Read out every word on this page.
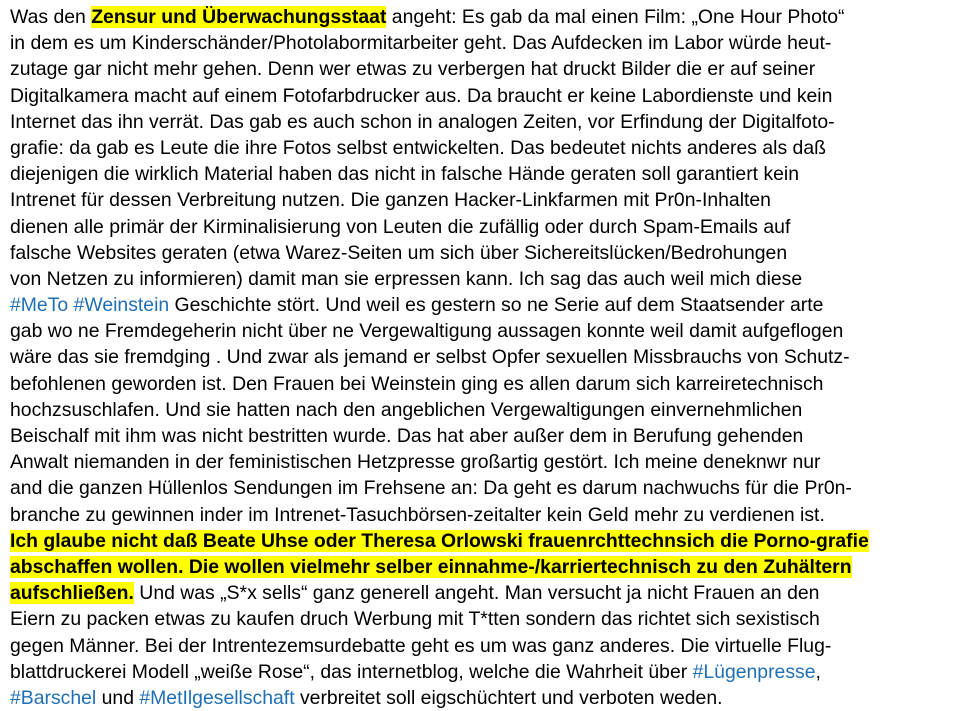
Was den Zensur und Überwachungsstaat angeht: Es gab da mal einen Film: „One Hour Photo“
in dem es um Kinderschänder/Photolabormitarbeiter geht. Das Aufdecken im Labor würde heut-
zutage gar nicht mehr gehen. Denn wer etwas zu verbergen hat druckt Bilder die er auf seiner
Digitalkamera macht auf einem Fotofarbdrucker aus. Da braucht er keine Labordienste und kein
Internet das ihn verrät. Das gab es auch schon in analogen Zeiten, vor Erfindung der Digitalfoto-
grafie: da gab es Leute die ihre Fotos selbst entwickelten. Das bedeutet nichts anderes als daß
diejenigen die wirklich Material haben das nicht in falsche Hände geraten soll garantiert kein
Intrenet für dessen Verbreitung nutzen. Die ganzen Hacker-Linkfarmen mit Pr0n-Inhalten
dienen alle primär der Kirminalisierung von Leuten die zufällig oder durch Spam-Emails auf
falsche Websites geraten (etwa Warez-Seiten um sich über Sichereitslücken/Bedrohungen
von Netzen zu informieren) damit man sie erpressen kann. Ich sag das auch weil mich diese
#MeTo #Weinstein Geschichte stört. Und weil es gestern so ne Serie auf dem Staatsender arte
gab wo ne Fremdegeherin nicht über ne Vergewaltigung aussagen konnte weil damit aufgeflogen
wäre das sie fremdging . Und zwar als jemand er selbst Opfer sexuellen Missbrauchs von Schutz-
befohlenen geworden ist. Den Frauen bei Weinstein ging es allen darum sich karreiretechnisch
hochzsuschlafen. Und sie hatten nach den angeblichen Vergewaltigungen einvernehmlichen
Beischalf mit ihm was nicht bestritten wurde. Das hat aber außer dem in Berufung gehenden
Anwalt niemanden in der feministischen Hetzpresse großartig gestört. Ich meine deneknwr nur
and die ganzen Hüllenlos Sendungen im Frehsene an: Da geht es darum nachwuchs für die Pr0n-
branche zu gewinnen inder im Intrenet-Tasuchbörsen-zeitalter kein Geld mehr zu verdienen ist.
Ich glaube nicht daß Beate Uhse oder Theresa Orlowski frauenrchttechnsich die Porno-grafie
abschaffen wollen. Die wollen vielmehr selber einnahme-/karriertechnisch zu den Zuhältern
aufschließen. Und was „S*x sells“ ganz generell angeht. Man versucht ja nicht Frauen an den
Eiern zu packen etwas zu kaufen druch Werbung mit T*tten sondern das richtet sich sexistisch
gegen Männer. Bei der Intrentezemsurdebatte geht es um was ganz anderes. Die virtuelle Flug-
blattdruckerei Modell „weiße Rose“, das internetblog, welche die Wahrheit über #Lügenpresse,
#Barschel und #MetIlgesellschaft verbreitet soll eigschüchtert und verboten weden.
